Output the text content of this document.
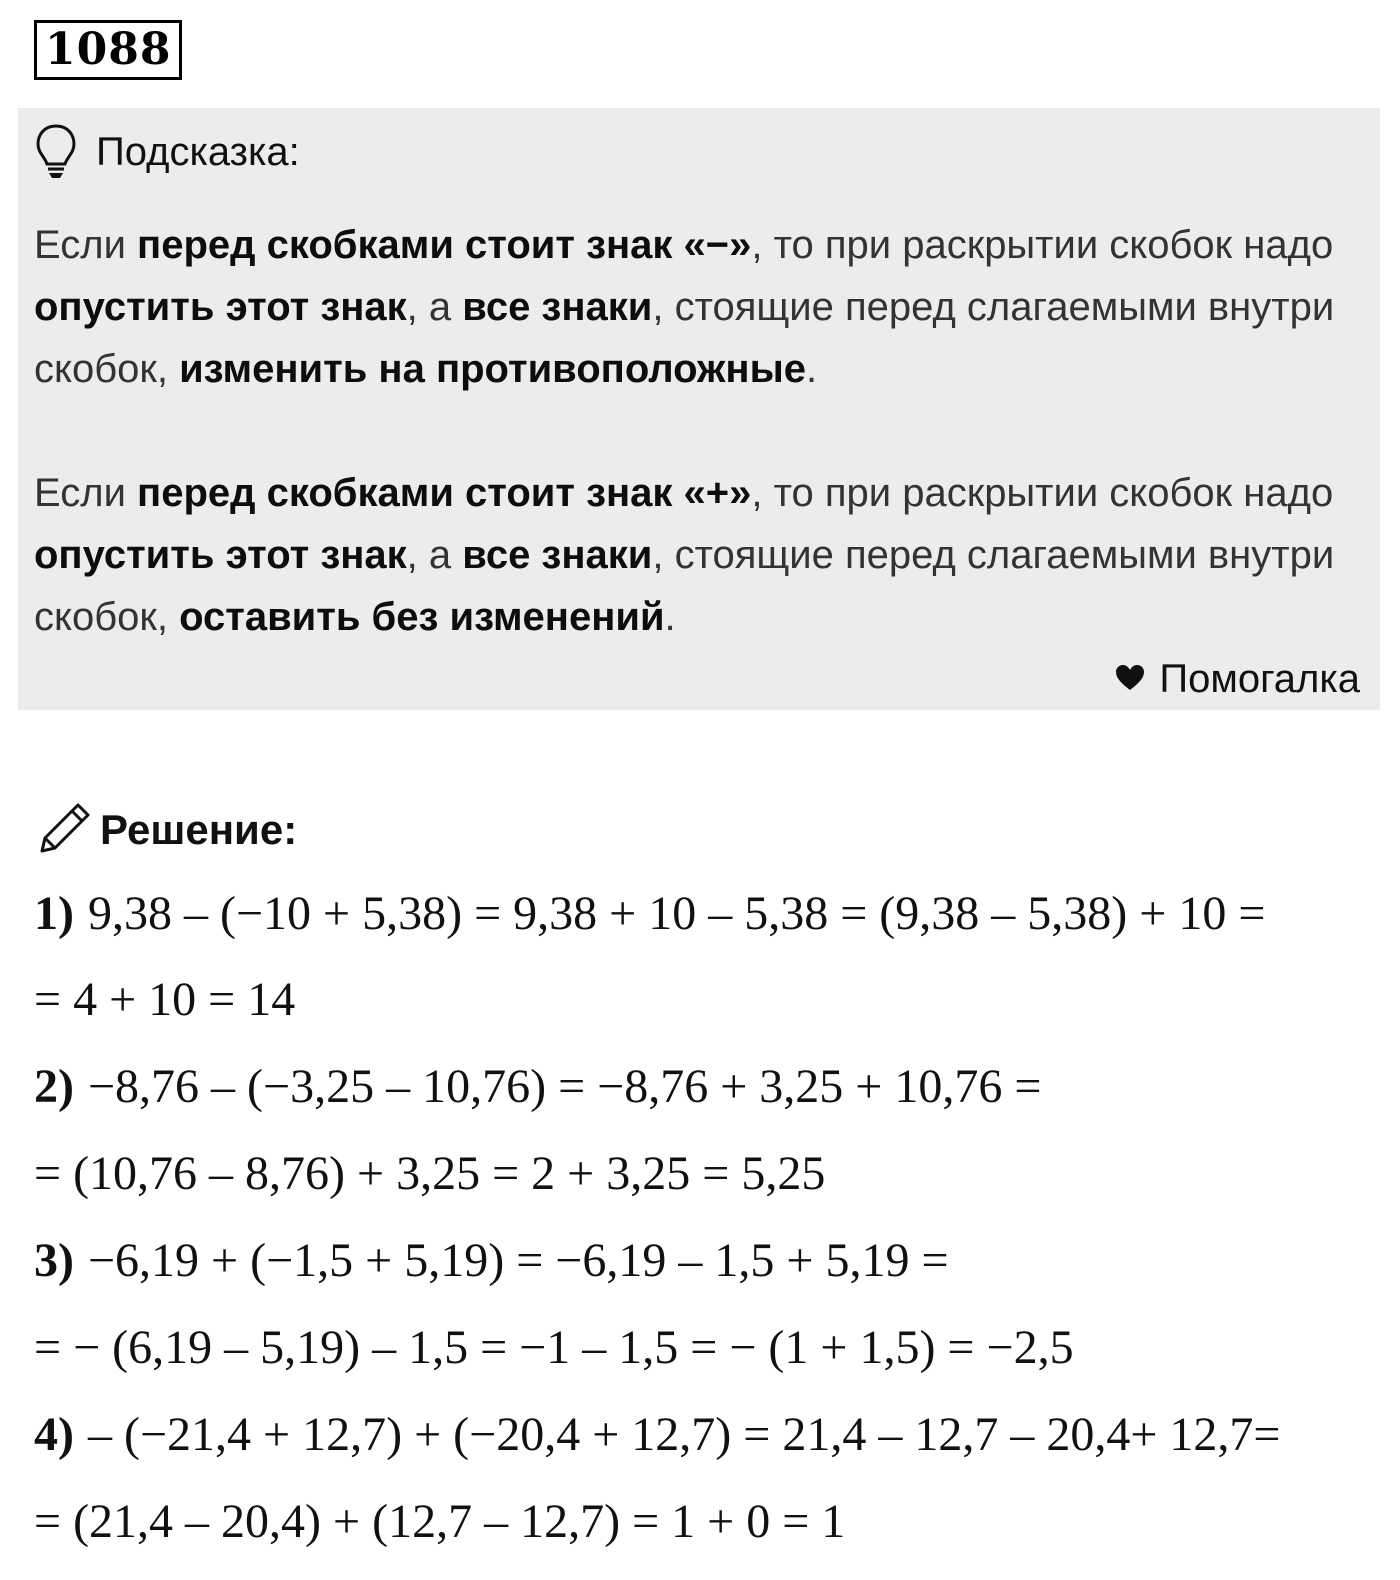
1088
Подсказка:

Если перед скобками стоит знак «−», то при раскрытии скобок надо опустить этот знак, а все знаки, стоящие перед слагаемыми внутри скобок, изменить на противоположные.

Если перед скобками стоит знак «+», то при раскрытии скобок надо опустить этот знак, а все знаки, стоящие перед слагаемыми внутри скобок, оставить без изменений.

Помогалка
Решение:
1) 9,38 – (−10 + 5,38) = 9,38 + 10 – 5,38 = (9,38 – 5,38) + 10 =
= 4 + 10 = 14
2) −8,76 – (−3,25 – 10,76) = −8,76 + 3,25 + 10,76 =
= (10,76 – 8,76) + 3,25 = 2 + 3,25 = 5,25
3) −6,19 + (−1,5 + 5,19) = −6,19 – 1,5 + 5,19 =
= − (6,19 – 5,19) – 1,5 = −1 – 1,5 = − (1 + 1,5) = −2,5
4) – (−21,4 + 12,7) + (−20,4 + 12,7) = 21,4 – 12,7 – 20,4+ 12,7=
= (21,4 – 20,4) + (12,7 – 12,7) = 1 + 0 = 1
